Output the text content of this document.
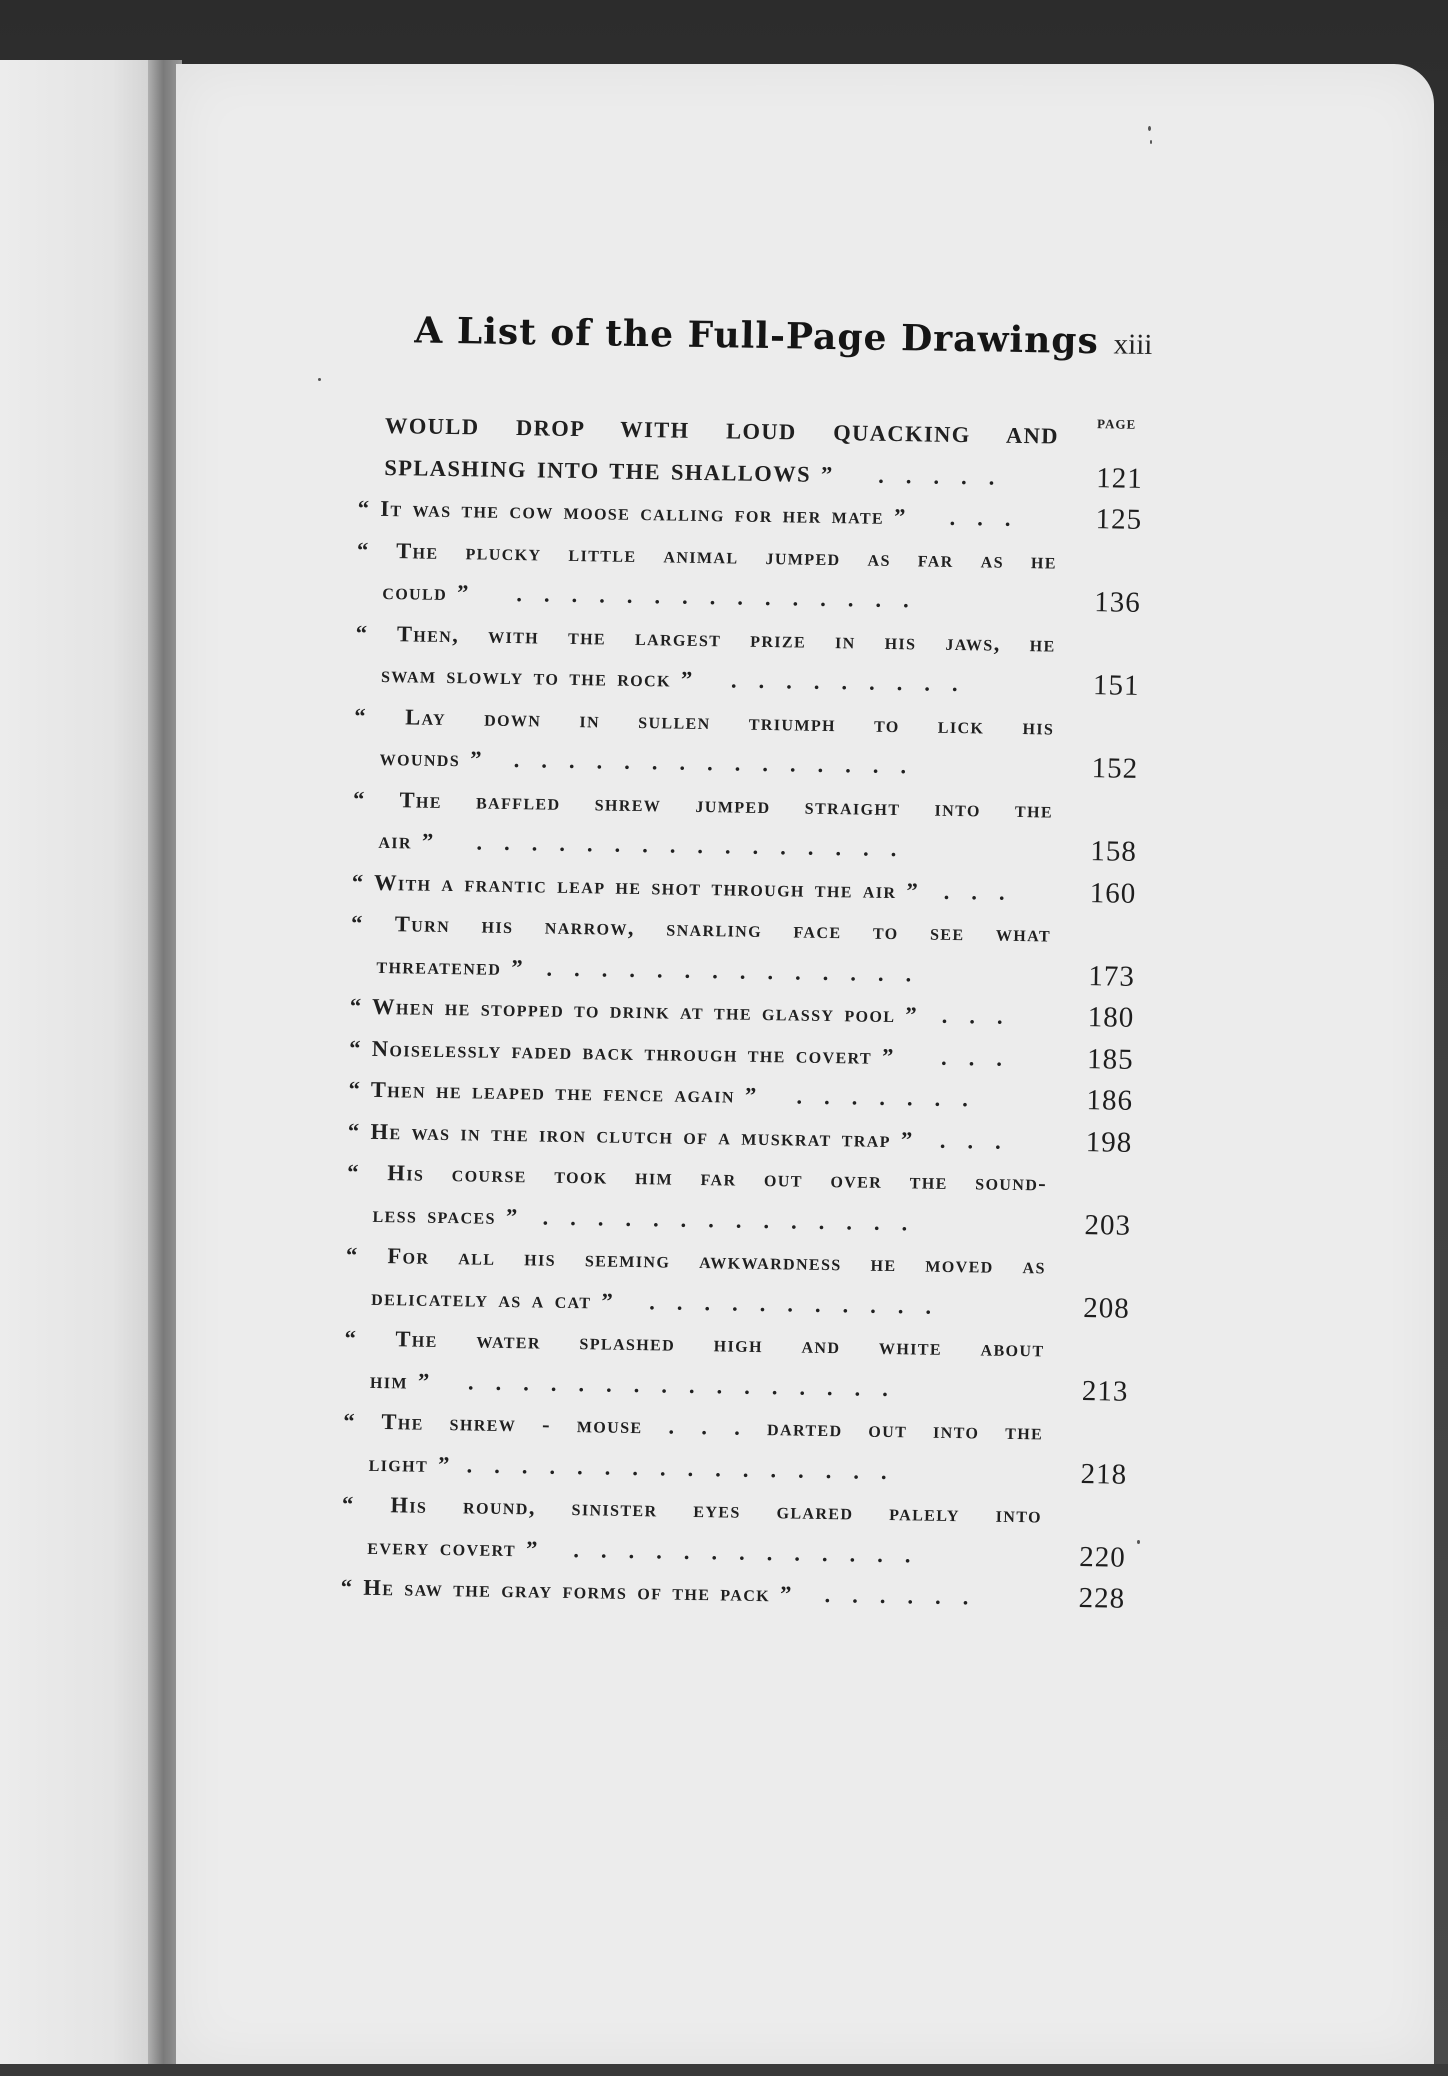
A List of the Full-Page Drawings xiii
PAGE
WOULD DROP WITH LOUD QUACKING AND
SPLASHING INTO THE SHALLOWS ” .....	121
“ It was the cow moose calling for her mate ” ... 125
“ The plucky little animal jumped as far as he
could ” ...............	136
“ Then, with the largest prize in his jaws, he
swam slowly to the rock ” .........	151
“ Lay down in sullen triumph to lick his
wounds ” ...............	152
“ The baffled shrew jumped straight into the
air ” ................	158
“ With a frantic leap he shot through the air ” ... 160
“ Turn his narrow, snarling face to see what
threatened ” ..............	173
“ When he stopped to drink at the glassy pool ” ... 180
“ Noiselessly faded back through the covert ” ... 185
“ Then he leaped the fence again ” .......	186
“ He was in the iron clutch of a muskrat trap ” ... 198
“ His course took him far out over the sound-
less spaces ” ..............	203
“ For all his seeming awkwardness he moved as
delicately as a cat ” ...........	208
“ The water splashed high and white about
him ” ................	213
“ The shrew - mouse . . . darted out into the
light ” ................	218
“ His round, sinister eyes glared palely into
every covert ” .............	220
“ He saw the gray forms of the pack ” ......	228
